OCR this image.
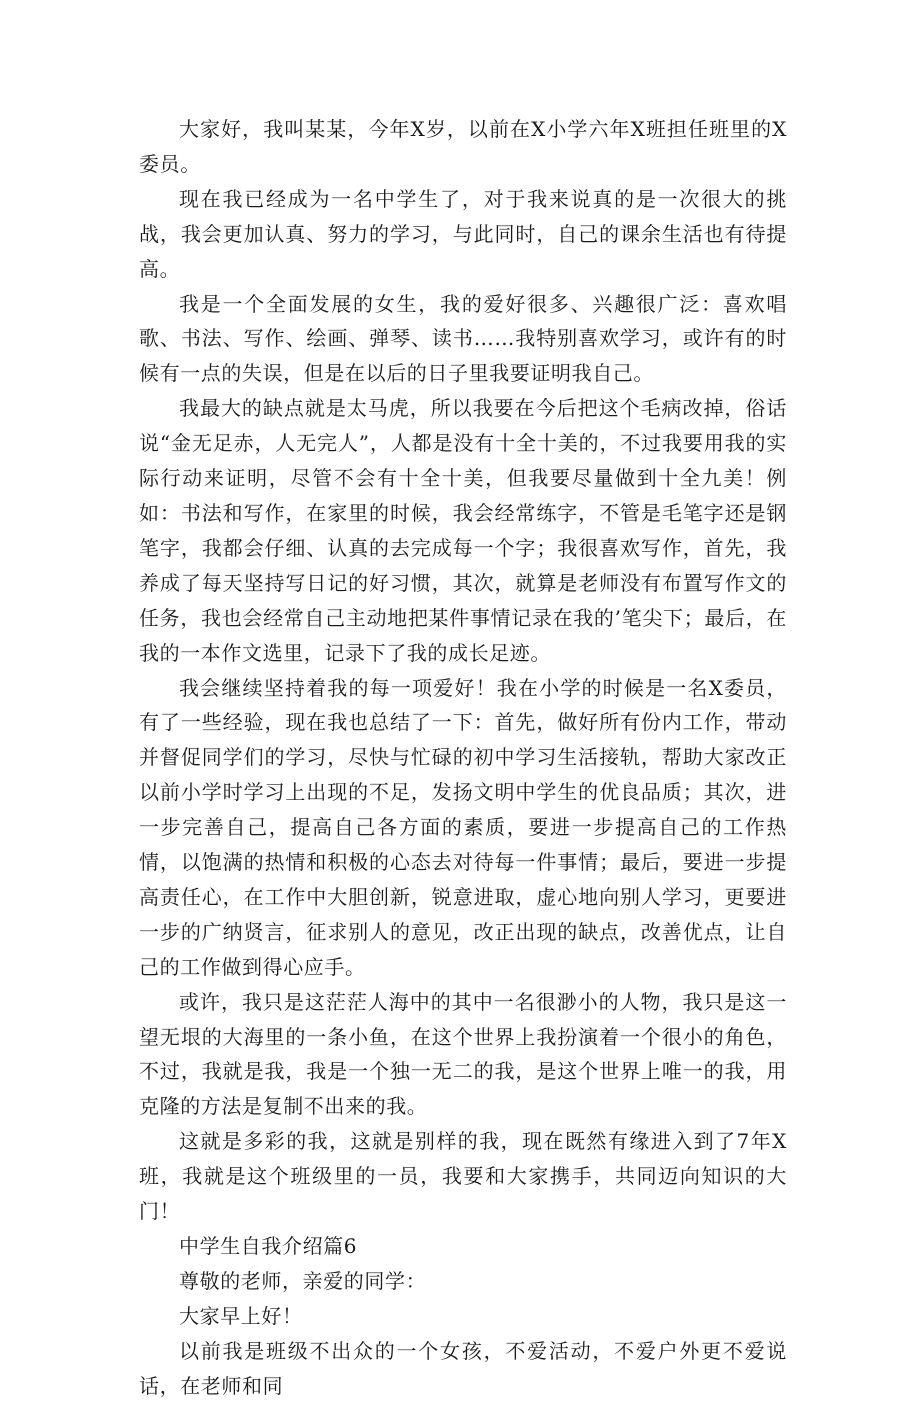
大家好，我叫某某，今年X岁，以前在X小学六年X班担任班里的X委员。

现在我已经成为一名中学生了，对于我来说真的是一次很大的挑战，我会更加认真、努力的学习，与此同时，自己的课余生活也有待提高。

我是一个全面发展的女生，我的爱好很多、兴趣很广泛：喜欢唱歌、书法、写作、绘画、弹琴、读书……我特别喜欢学习，或许有的时候有一点的失误，但是在以后的日子里我要证明我自己。

我最大的缺点就是太马虎，所以我要在今后把这个毛病改掉，俗话说“金无足赤，人无完人”，人都是没有十全十美的，不过我要用我的实际行动来证明，尽管不会有十全十美，但我要尽量做到十全九美！例如：书法和写作，在家里的时候，我会经常练字，不管是毛笔字还是钢笔字，我都会仔细、认真的去完成每一个字；我很喜欢写作，首先，我养成了每天坚持写日记的好习惯，其次，就算是老师没有布置写作文的任务，我也会经常自己主动地把某件事情记录在我的’笔尖下；最后，在我的一本作文选里，记录下了我的成长足迹。

我会继续坚持着我的每一项爱好！我在小学的时候是一名X委员，有了一些经验，现在我也总结了一下：首先，做好所有份内工作，带动并督促同学们的学习，尽快与忙碌的初中学习生活接轨，帮助大家改正以前小学时学习上出现的不足，发扬文明中学生的优良品质；其次，进一步完善自己，提高自己各方面的素质，要进一步提高自己的工作热情，以饱满的热情和积极的心态去对待每一件事情；最后，要进一步提高责任心，在工作中大胆创新，锐意进取，虚心地向别人学习，更要进一步的广纳贤言，征求别人的意见，改正出现的缺点，改善优点，让自己的工作做到得心应手。

或许，我只是这茫茫人海中的其中一名很渺小的人物，我只是这一望无垠的大海里的一条小鱼，在这个世界上我扮演着一个很小的角色，不过，我就是我，我是一个独一无二的我，是这个世界上唯一的我，用克隆的方法是复制不出来的我。

这就是多彩的我，这就是别样的我，现在既然有缘进入到了7年X班，我就是这个班级里的一员，我要和大家携手，共同迈向知识的大门！

中学生自我介绍篇6

尊敬的老师，亲爱的同学：

大家早上好！

以前我是班级不出众的一个女孩，不爱活动，不爱户外更不爱说话，在老师和同
